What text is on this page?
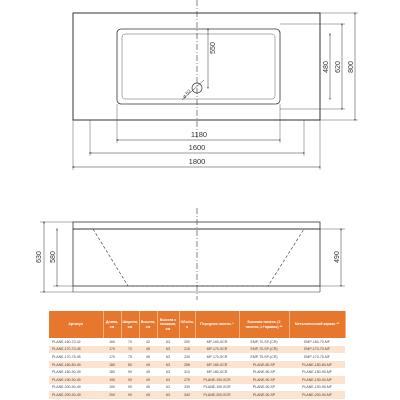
1180
1600
1800
800
620
480
550
ø 52
630 580	490
Артикул	Длина, см	Ширина, см	Высота, см	Высота с ножками, см	Объём, л	Передняя панель *	Боковая панель (2 панели, L+правая) **	Металлический каркас **
PLANE-160-70-42	160	70	42	63	200	MP-160-SCR	EMP-70-SP-(CR)	EMP-160-70-MF
PLANE-170-70-45	170	70	45	63	215	MP-170-SCR	EMP-70-SP-(CR)	EMP-170-70-MF
PLANE-170-75-45	170	75	45	63	230	MP-170-SCR	EMP-75-SP-(CR)	EMP-170-75-MF
PLANE-180-80-49	180	80	49	63	255	MP-180-SCR	PLANE-80-SP	PLANE-180-80-MF
PLANE-180-90-49	180	90	49	63	310	MP-180-SCR	PLANE-90-SP	PLANE-180-90-MF
PLANE-190-90-49	190	90	49	63	275	PLANE-190-SCR	PLANE-90-SP	PLANE-190-90-MF
PLANE-200-90-49	190	90	49	63	330	PLANE-190-SCR	PLANE-90-SP	PLANE-190-90-MF
PLANE-200-90-49	200	90	49	63	340	PLANE-200-SCR	PLANE-90-SP	PLANE-200-90-MF
